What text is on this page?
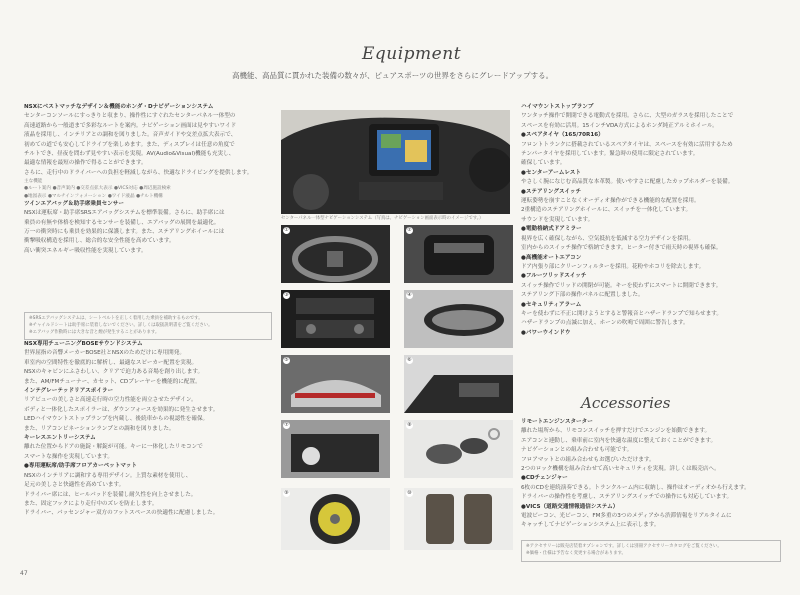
Equipment
高機能、高品質に貫かれた装備の数々が、ピュアスポーツの世界をさらにグレードアップする。

NSXにベストマッチなデザイン＆機能のホンダ・Dナビゲーションシステム

センターコンソールにすっきりと収まり、操作性にすぐれたセンターパネル一体型の

高速道路から一般道まで多彩なルートを案内。ナビゲーション画面は見やすいワイド

液晶を採用し、インテリアとの調和を図りました。音声ガイドや交差点拡大表示で、

初めての道でも安心してドライブを楽しめます。また、ディスプレイは任意の角度で

チルトでき、昼夜を問わず見やすい表示を実現。AV(Audio&Visual)機能も充実し、

最適な情報を最短の操作で得ることができます。

さらに、走行中のドライバーへの負担を軽減しながら、快適なドライビングを提供します。

主な機能

●ルート案内 ●音声案内 ●交差点拡大表示 ●VICS対応 ●周辺施設検索

●地図表示 ●マルチインフォメーション ●ワイド液晶 ●チルト機構

ツインエアバッグ＆助手席乗員センサー

NSXは運転席・助手席SRSエアバッグシステムを標準装備。さらに、助手席には

乗員の有無や体格を検知するセンサーを装備し、エアバッグの展開を最適化。

万一の衝突時にも乗員を効果的に保護します。また、ステアリングホイールには

衝撃吸収構造を採用し、総合的な安全性能を高めています。

高い衝突エネルギー吸収性能を実現しています。

※SRSエアバッグシステムは、シートベルトを正しく着用した乗員を補助するものです。

※チャイルドシートは助手席に装着しないでください。詳しくは取扱説明書をご覧ください。

※エアバッグ作動時には大きな音と煙が発生することがあります。

NSX専用チューニングBOSEサウンドシステム

世界屈指の音響メーカーBOSE社とNSXのためだけに専用開発。

車室内の空間特性を徹底的に解析し、最適なスピーカー配置を実現。

NSXのキャビンにふさわしい、クリアで迫力ある音場を創り出します。

また、AM/FMチューナー、カセット、CDプレーヤーを機能的に配置。

インテグレーテッドリアスポイラー

リアビューの美しさと高速走行時の空力性能を両立させたデザイン。

ボディと一体化したスポイラーは、ダウンフォースを効果的に発生させます。

LEDハイマウントストップランプを内蔵し、後続車からの視認性を確保。

また、リアコンビネーションランプとの調和を図りました。

キーレスエントリーシステム

離れた位置からドアの施錠・解錠が可能。キーに一体化したリモコンで

スマートな操作を実現しています。

●専用運転席/助手席フロアカーペットマット

NSXのインテリアに調和する専用デザイン。上質な素材を使用し、

足元の美しさと快適性を高めています。

ドライバー席には、ヒールパッドを装備し耐久性を向上させました。

また、固定フックにより走行中のズレを防止します。

ドライバー、パッセンジャー双方のフットスペースの快適性に配慮しました。

センターパネル一体型ナビゲーションシステム（写真は、ナビゲーション画面表示時のイメージです。）
①	②
③	④
⑤	⑥
⑦	⑧
⑨	⑩

ハイマウントストップランプ

ワンタッチ操作で開閉できる電動式を採用。さらに、大型のガラスを採用したことで

スペースを有効に活用。15インチVDA方式によるホンダ純正アルミホイール。

●スペアタイヤ（165/70R16）

フロントトランクに搭載されているスペアタイヤは、スペースを有効に活用するため

テンパータイヤを採用しています。緊急時の使用に限定されています。

確保しています。

●センターアームレスト

やさしく腕になじむ高品質な本革製。使いやすさに配慮したカップホルダーを装備。

●ステアリングスイッチ

運転姿勢を崩すことなくオーディオ操作ができる機能的な配置を採用。

2重構造のステアリングホイールに、スイッチを一体化しています。

サウンドを実現しています。

●電動格納式ドアミラー

視界を広く確保しながら、空気抵抗を低減する空力デザインを採用。

室内からのスイッチ操作で格納できます。ヒーター付きで雨天時の視界も確保。

●高機能オートエアコン

ドア内張り部にクリーンフィルターを採用。花粉やホコリを除去します。

●フルーツリッドスイッチ

スイッチ操作でリッドの開閉が可能。キーを使わずにスマートに開閉できます。

ステアリング下部の操作パネルに配置しました。

●セキュリティアラーム

キーを使わずに不正に開けようとすると警報音とハザードランプで知らせます。

ハザードランプの点滅に加え、ホーンの吹鳴で周囲に警告します。

●パワーウインドウ

Accessories

リモートエンジンスターター

離れた場所から、リモコンスイッチを押すだけでエンジンを始動できます。

エアコンと連動し、乗車前に室内を快適な温度に整えておくことができます。

ナビゲーションとの組み合わせも可能です。

フロアマットとの組み合わせもお選びいただけます。

2つのロック機構を組み合わせて高いセキュリティを実現。詳しくは販売店へ。

●CDチェンジャー

6枚のCDを連続演奏できる。トランクルーム内に収納し、操作はオーディオから行えます。

ドライバーの操作性を考慮し、ステアリングスイッチでの操作にも対応しています。

●VICS（道路交通情報通信システム）

電波ビーコン、光ビーコン、FM多重の3つのメディアから渋滞情報をリアルタイムに

キャッチしてナビゲーションシステム上に表示します。

※アクセサリーは販売店装着オプションです。詳しくは別冊アクセサリーカタログをご覧ください。

※価格・仕様は予告なく変更する場合があります。

47
